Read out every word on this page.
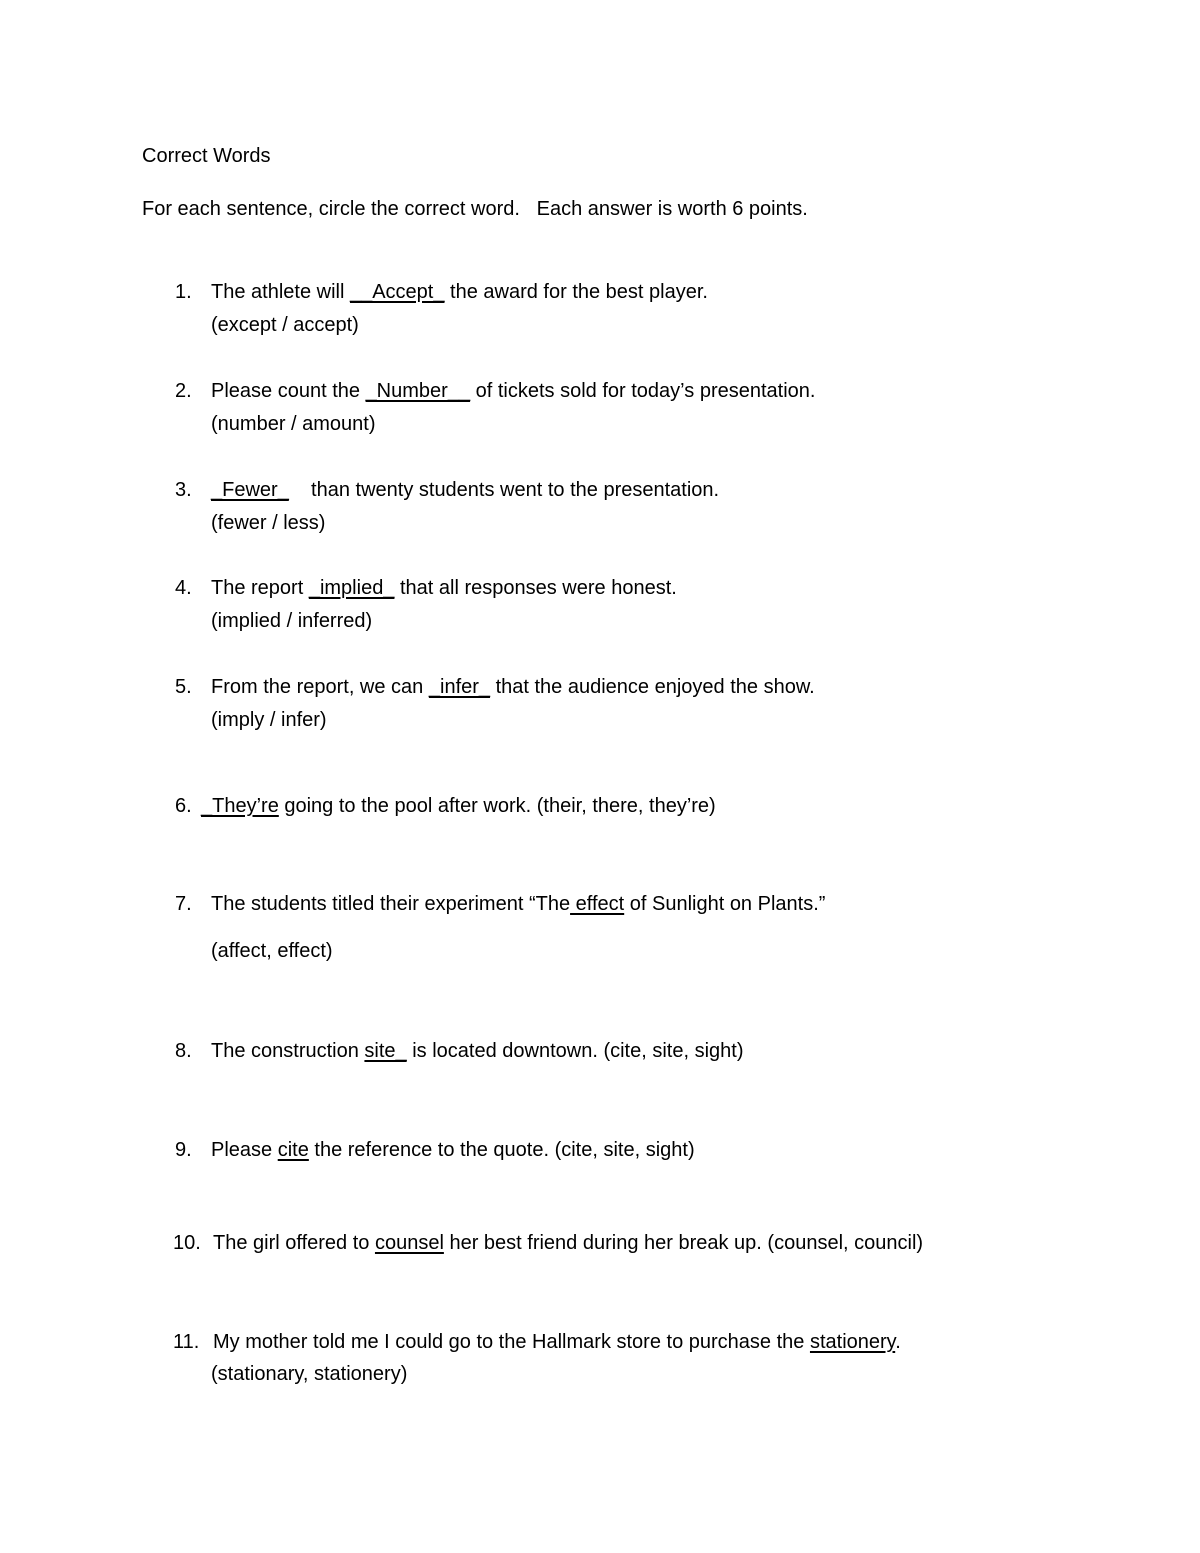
Correct Words
For each sentence, circle the correct word.   Each answer is worth 6 points.
1. The athlete will __Accept_ the award for the best player.
(except / accept)
2. Please count the _Number__ of tickets sold for today’s presentation.
(number / amount)
3. _Fewer_    than twenty students went to the presentation.
(fewer / less)
4. The report _implied_ that all responses were honest.
(implied / inferred)
5. From the report, we can _infer_ that the audience enjoyed the show.
(imply / infer)
6. _They’re going to the pool after work. (their, there, they’re)
7. The students titled their experiment “The effect of Sunlight on Plants.”
(affect, effect)
8. The construction site_ is located downtown. (cite, site, sight)
9. Please cite the reference to the quote. (cite, site, sight)
10. The girl offered to counsel her best friend during her break up. (counsel, council)
11. My mother told me I could go to the Hallmark store to purchase the stationery.
(stationary, stationery)
